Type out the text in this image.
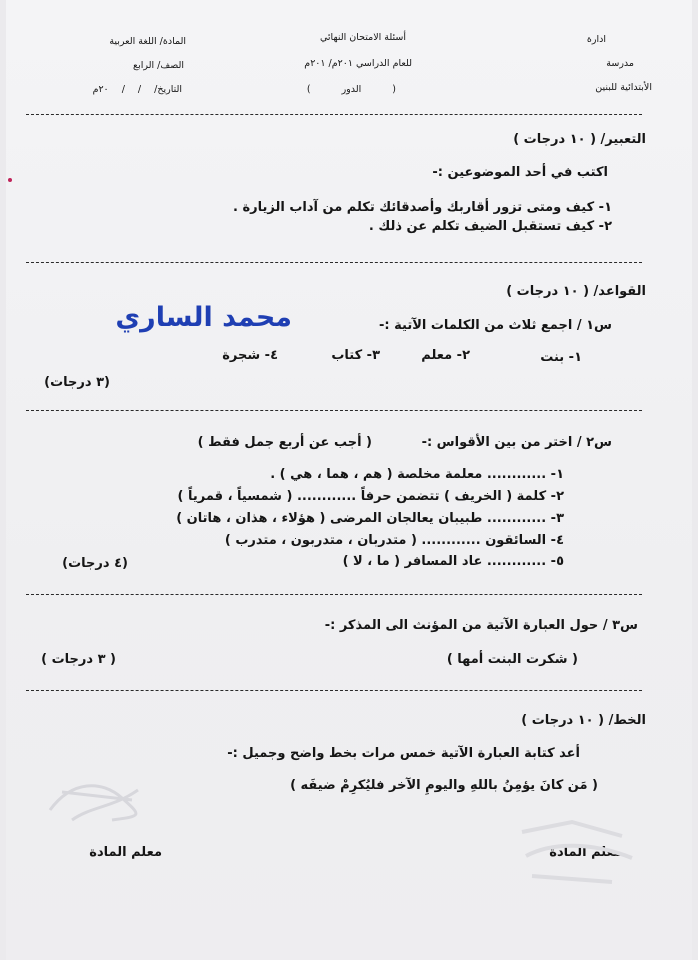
ادارة
مدرسة
الأبتدائية للبنين
أسئلة الامتحان النهائي
للعام الدراسي ٢٠١م/ ٢٠١م
( الدور )
المادة/ اللغة العربية
الصف/ الرابع
التاريخ/ / / ٢٠م
التعبير/ ( ١٠ درجات )
اكتب في أحد الموضوعين :-
١- كيف ومتى تزور أقاربك وأصدقائك تكلم من آداب الزيارة .
٢- كيف تستقبل الضيف تكلم عن ذلك .
القواعد/ ( ١٠ درجات )
محمد الساري	س١ / اجمع ثلاث من الكلمات الآتية :-
١- بنت
٢- معلم
٣- كتاب
٤- شجرة
(٣ درجات)
س٢ / اختر من بين الأقواس :-
( أجب عن أربع جمل فقط )
١- ............ معلمة مخلصة ( هم ، هما ، هي ) .
٢- كلمة ( الخريف ) تتضمن حرفاً ............ ( شمسياً ، قمرياً )
٣- ............ طبيبان يعالجان المرضى ( هؤلاء ، هذان ، هاتان )
٤- السائقون ............ ( متدربان ، متدربون ، متدرب )
٥- ............ عاد المسافر ( ما ، لا )
(٤ درجات)
س٣ / حول العبارة الآتية من المؤنث الى المذكر :-
( شكرت البنت أمها )
( ٣ درجات )
الخط/ ( ١٠ درجات )
أعد كتابة العبارة الآتية خمس مرات بخط واضح وجميل :-
( مَن كانَ يؤمِنُ باللهِ واليومِ الآخر فليُكرِمْ ضيفَه )
معلم المادة
معلم المادة
